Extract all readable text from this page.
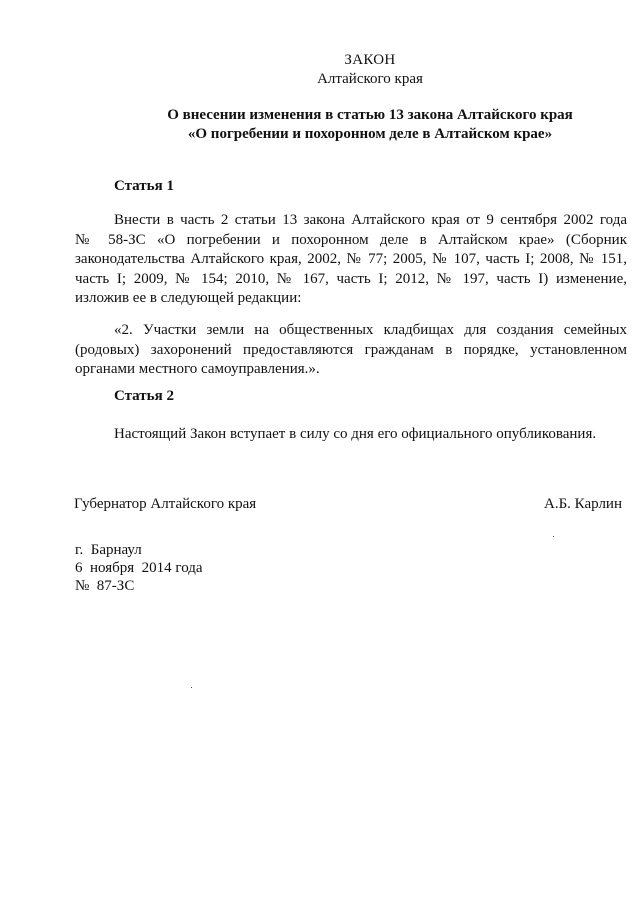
ЗАКОН
Алтайского края
О внесении изменения в статью 13 закона Алтайского края
«О погребении и похоронном деле в Алтайском крае»
Статья 1
Внести в часть 2 статьи 13 закона Алтайского края от 9 сентября 2002 года
№ 58-ЗС «О погребении и похоронном деле в Алтайском крае» (Сборник
законодательства Алтайского края, 2002, № 77; 2005, № 107, часть I; 2008, № 151,
часть I; 2009, № 154; 2010, № 167, часть I; 2012, № 197, часть I) изменение,
изложив ее в следующей редакции:
«2. Участки земли на общественных кладбищах для создания семейных
(родовых) захоронений предоставляются гражданам в порядке, установленном
органами местного самоуправления.».
Статья 2
Настоящий Закон вступает в силу со дня его официального опубликования.
Губернатор Алтайского края	А.Б. Карлин
г.  Барнаул
6  ноября  2014 года
№  87-ЗС
